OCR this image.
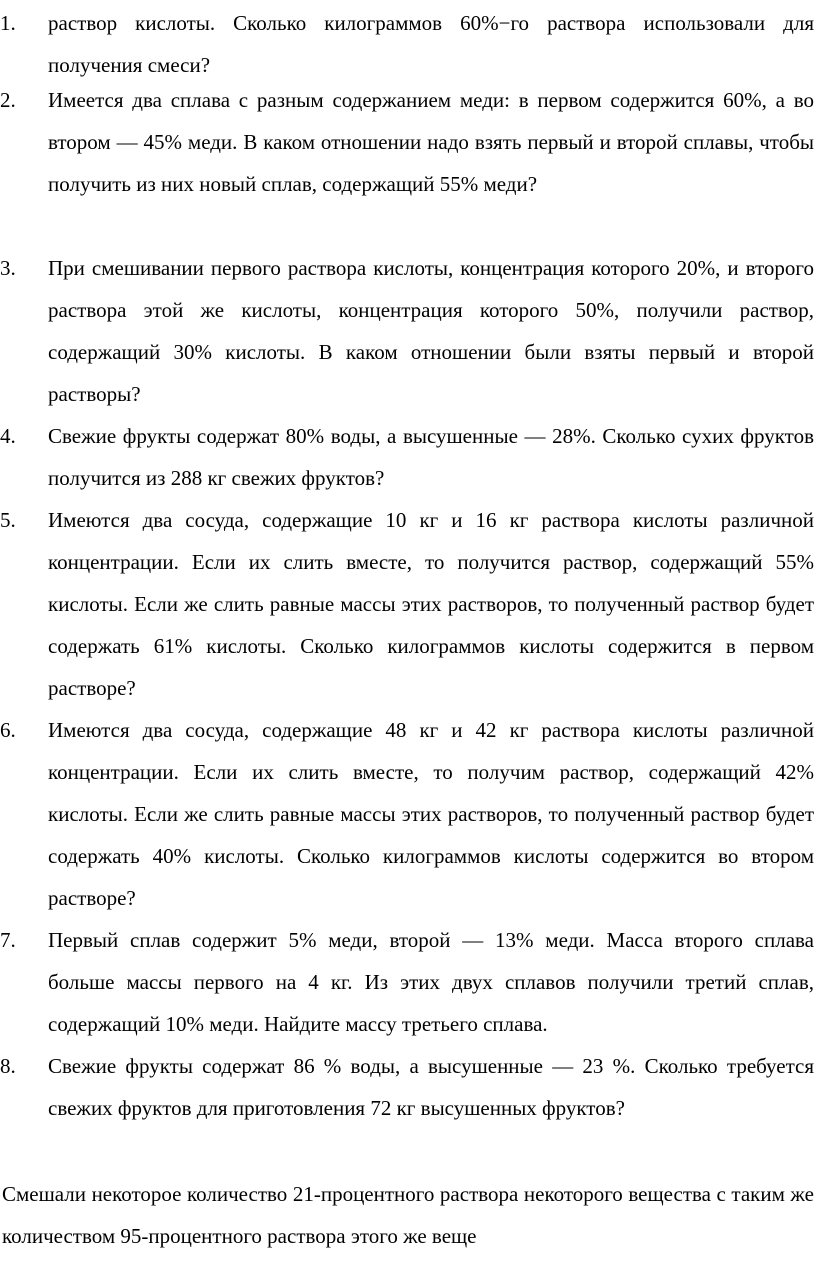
1. раствор кислоты. Сколько килограммов 60%−го раствора использовали для получения смеси?
2. Имеется два сплава с разным содержанием меди: в первом содержится 60%, а во втором — 45% меди. В каком отношении надо взять первый и второй сплавы, чтобы получить из них новый сплав, содержащий 55% меди?
3. При смешивании первого раствора кислоты, концентрация которого 20%, и второго раствора этой же кислоты, концентрация которого 50%, получили раствор, содержащий 30% кислоты. В каком отношении были взяты первый и второй растворы?
4. Свежие фрукты содержат 80% воды, а высушенные — 28%. Сколько сухих фруктов получится из 288 кг свежих фруктов?
5. Имеются два сосуда, содержащие 10 кг и 16 кг раствора кислоты различной концентрации. Если их слить вместе, то получится раствор, содержащий 55% кислоты. Если же слить равные массы этих растворов, то полученный раствор будет содержать 61% кислоты. Сколько килограммов кислоты содержится в первом растворе?
6. Имеются два сосуда, содержащие 48 кг и 42 кг раствора кислоты различной концентрации. Если их слить вместе, то получим раствор, содержащий 42% кислоты. Если же слить равные массы этих растворов, то полученный раствор будет содержать 40% кислоты. Сколько килограммов кислоты содержится во втором растворе?
7. Первый сплав содержит 5% меди, второй — 13% меди. Масса второго сплава больше массы первого на 4 кг. Из этих двух сплавов получили третий сплав, содержащий 10% меди. Найдите массу третьего сплава.
8. Свежие фрукты содержат 86 % воды, а высушенные — 23 %. Сколько требуется свежих фруктов для приготовления 72 кг высушенных фруктов?
Смешали некоторое количество 21-процентного раствора некоторого вещества с таким же количеством 95-процентного раствора этого же веще
